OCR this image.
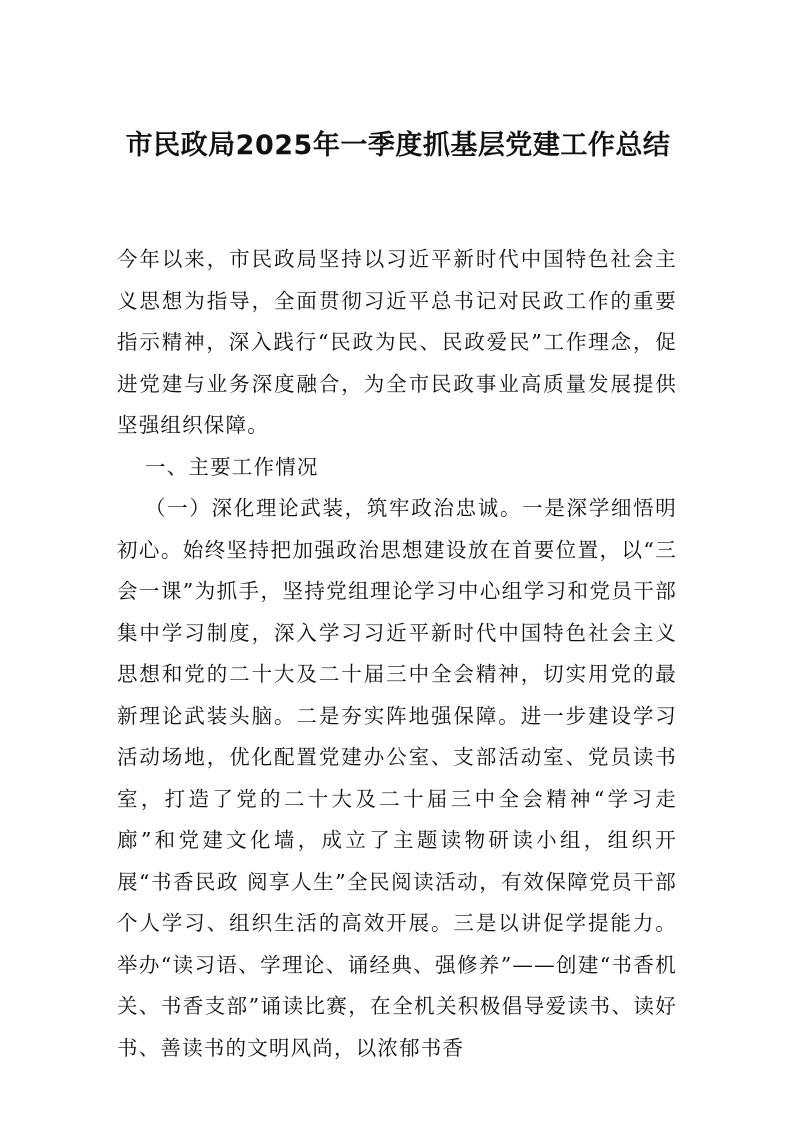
市民政局2025年一季度抓基层党建工作总结

今年以来，市民政局坚持以习近平新时代中国特色社会主义思想为指导，全面贯彻习近平总书记对民政工作的重要指示精神，深入践行“民政为民、民政爱民”工作理念，促进党建与业务深度融合，为全市民政事业高质量发展提供坚强组织保障。

一、主要工作情况

（一）深化理论武装，筑牢政治忠诚。一是深学细悟明初心。始终坚持把加强政治思想建设放在首要位置，以“三会一课”为抓手，坚持党组理论学习中心组学习和党员干部集中学习制度，深入学习习近平新时代中国特色社会主义思想和党的二十大及二十届三中全会精神，切实用党的最新理论武装头脑。二是夯实阵地强保障。进一步建设学习活动场地，优化配置党建办公室、支部活动室、党员读书室，打造了党的二十大及二十届三中全会精神“学习走廊”和党建文化墙，成立了主题读物研读小组，组织开展“书香民政 阅享人生”全民阅读活动，有效保障党员干部个人学习、组织生活的高效开展。三是以讲促学提能力。举办“读习语、学理论、诵经典、强修养”——创建“书香机关、书香支部”诵读比赛，在全机关积极倡导爱读书、读好书、善读书的文明风尚，以浓郁书香
